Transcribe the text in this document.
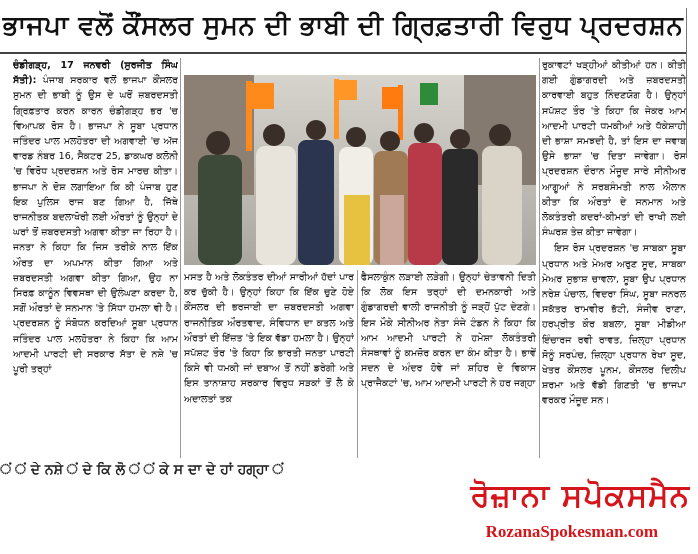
ਭਾਜਪਾ ਵਲੋਂ ਕੌਂਸਲਰ ਸੁਮਨ ਦੀ ਭਾਬੀ ਦੀ ਗ੍ਰਿਫ਼ਤਾਰੀ ਵਿਰੁਧ ਪ੍ਰਦਰਸ਼ਨ

ਚੰਡੀਗੜ੍ਹ, 17 ਜਨਵਰੀ (ਸੁਰਜੀਤ ਸਿੰਘ ਸੱਤੀ): ਪੰਜਾਬ ਸਰਕਾਰ ਵਲੋਂ ਭਾਜਪਾ ਕੌਂਸਲਰ ਸੁਮਨ ਦੀ ਭਾਬੀ ਨੂੰ ਉਸ ਦੇ ਘਰੋਂ ਜ਼ਬਰਦਸਤੀ ਗ੍ਰਿਫ਼ਤਾਰ ਕਰਨ ਕਾਰਨ ਚੰਡੀਗੜ੍ਹ ਭਰ 'ਚ ਵਿਆਪਕ ਰੋਸ ਹੈ। ਭਾਜਪਾ ਨੇ ਸੂਬਾ ਪ੍ਰਧਾਨ ਜਤਿੰਦਰ ਪਾਲ ਮਲਹੋਤਰਾ ਦੀ ਅਗਵਾਈ 'ਚ ਅੱਜ ਵਾਰਡ ਨੰਬਰ 16, ਸੈਕਟਰ 25, ਡਾਕਘਰ ਕਲੋਨੀ 'ਚ ਵਿਰੋਧ ਪ੍ਰਦਰਸ਼ਨ ਅਤੇ ਰੋਸ ਮਾਰਚ ਕੀਤਾ। ਭਾਜਪਾ ਨੇ ਦੋਸ਼ ਲਗਾਇਆ ਕਿ ਕੀ ਪੰਜਾਬ ਹੁਣ ਇਕ ਪੁਲਿਸ ਰਾਜ ਬਣ ਗਿਆ ਹੈ, ਜਿੱਥੇ ਰਾਜਨੀਤਕ ਬਦਲਾਖੋਰੀ ਲਈ ਔਰਤਾਂ ਨੂੰ ਉਨ੍ਹਾਂ ਦੇ ਘਰਾਂ ਤੋਂ ਜ਼ਬਰਦਸਤੀ ਅਗਵਾ ਕੀਤਾ ਜਾ ਰਿਹਾ ਹੈ। ਜਨਤਾ ਨੇ ਕਿਹਾ ਕਿ ਜਿਸ ਤਰੀਕੇ ਨਾਲ ਇੱਕ ਔਰਤ ਦਾ ਅਪਮਾਨ ਕੀਤਾ ਗਿਆ ਅਤੇ ਜ਼ਬਰਦਸਤੀ ਅਗਵਾ ਕੀਤਾ ਗਿਆ, ਉਹ ਨਾ ਸਿਰਫ਼ ਕਾਨੂੰਨ ਵਿਵਸਥਾ ਦੀ ਉਲੰਘਣਾ ਕਰਦਾ ਹੈ, ਸਗੋਂ ਔਰਤਾਂ ਦੇ ਸਨਮਾਨ 'ਤੇ ਸਿੱਧਾ ਹਮਲਾ ਵੀ ਹੈ। ਪ੍ਰਦਰਸ਼ਨ ਨੂੰ ਸੰਬੋਧਨ ਕਰਦਿਆਂ ਸੂਬਾ ਪ੍ਰਧਾਨ ਜਤਿੰਦਰ ਪਾਲ ਮਲਹੋਤਰਾ ਨੇ ਕਿਹਾ ਕਿ ਆਮ ਆਦਮੀ ਪਾਰਟੀ ਦੀ ਸਰਕਾਰ ਸੱਤਾ ਦੇ ਨਸ਼ੇ 'ਚ ਪੂਰੀ ਤਰ੍ਹਾਂ

ਮਸਤ ਹੈ ਅਤੇ ਲੋਕਤੰਤਰ ਦੀਆਂ ਸਾਰੀਆਂ ਹੱਦਾਂ ਪਾਰ ਕਰ ਚੁੱਕੀ ਹੈ। ਉਨ੍ਹਾਂ ਕਿਹਾ ਕਿ ਇੱਕ ਚੁਣੇ ਹੋਏ ਕੌਂਸਲਰ ਦੀ ਭਰਜਾਈ ਦਾ ਜ਼ਬਰਦਸਤੀ ਅਗਵਾ ਰਾਜਨੀਤਿਕ ਔਰਤਵਾਦ, ਸੰਵਿਧਾਨ ਦਾ ਕਤਲ ਅਤੇ ਔਰਤਾਂ ਦੀ ਇੱਜ਼ਤ 'ਤੇ ਇਕ ਵੱਡਾ ਹਮਲਾ ਹੈ। ਉਨ੍ਹਾਂ ਸਪੱਸ਼ਟ ਤੌਰ 'ਤੇ ਕਿਹਾ ਕਿ ਭਾਰਤੀ ਜਨਤਾ ਪਾਰਟੀ ਕਿਸੇ ਵੀ ਧਮਕੀ ਜਾਂ ਦਬਾਅ ਤੋਂ ਨਹੀਂ ਡਰੇਗੀ ਅਤੇ ਇਸ ਤਾਨਾਸ਼ਾਹ ਸਰਕਾਰ ਵਿਰੁਧ ਸੜਕਾਂ ਤੋਂ ਲੈ ਕੇ ਅਦਾਲਤਾਂ ਤਕ

ਫੈਸਲਾਕੁੰਨ ਲੜਾਈ ਲੜੇਗੀ। ਉਨ੍ਹਾਂ ਚੇਤਾਵਨੀ ਦਿਤੀ ਕਿ ਲੋਕ ਇਸ ਤਰ੍ਹਾਂ ਦੀ ਦਮਨਕਾਰੀ ਅਤੇ ਗੁੰਡਾਗਰਦੀ ਵਾਲੀ ਰਾਜਨੀਤੀ ਨੂੰ ਜੜ੍ਹੋਂ ਪੁੱਟ ਦੇਣਗੇ। ਇਸ ਮੌਕੇ ਸੀਨੀਅਰ ਨੇਤਾ ਸੰਜੇ ਟੰਡਨ ਨੇ ਕਿਹਾ ਕਿ ਆਮ ਆਦਮੀ ਪਾਰਟੀ ਨੇ ਹਮੇਸ਼ਾ ਲੋਕਤੰਤਰੀ ਸੰਸਥਾਵਾਂ ਨੂੰ ਕਮਜ਼ੋਰ ਕਰਨ ਦਾ ਕੰਮ ਕੀਤਾ ਹੈ। ਭਾਵੇਂ ਸਦਨ ਦੇ ਅੰਦਰ ਹੋਵੇ ਜਾਂ ਸ਼ਹਿਰ ਦੇ ਵਿਕਾਸ ਪ੍ਰਾਜੈਕਟਾਂ 'ਚ, ਆਮ ਆਦਮੀ ਪਾਰਟੀ ਨੇ ਹਰ ਜਗ੍ਹਾ

ਰੁਕਾਵਟਾਂ ਖੜ੍ਹੀਆਂ ਕੀਤੀਆਂ ਹਨ। ਕੀਤੀ ਗਈ ਗੁੰਡਾਗਰਦੀ ਅਤੇ ਜ਼ਬਰਦਸਤੀ ਕਾਰਵਾਈ ਬਹੁਤ ਨਿੰਦਣਯੋਗ ਹੈ। ਉਨ੍ਹਾਂ ਸਪੱਸ਼ਟ ਤੌਰ 'ਤੇ ਕਿਹਾ ਕਿ ਜੇਕਰ ਆਮ ਆਦਮੀ ਪਾਰਟੀ ਧਮਕੀਆਂ ਅਤੇ ਧੱਕੇਸ਼ਾਹੀ ਦੀ ਭਾਸ਼ਾ ਸਮਝਦੀ ਹੈ, ਤਾਂ ਇਸ ਦਾ ਜਵਾਬ ਉਸੇ ਭਾਸ਼ਾ 'ਚ ਦਿਤਾ ਜਾਵੇਗਾ। ਰੋਸ ਪ੍ਰਦਰਸ਼ਨ ਦੌਰਾਨ ਮੌਜੂਦ ਸਾਰੇ ਸੀਨੀਅਰ ਆਗੂਆਂ ਨੇ ਸਰਬਸੰਮਤੀ ਨਾਲ ਐਲਾਨ ਕੀਤਾ ਕਿ ਔਰਤਾਂ ਦੇ ਸਨਮਾਨ ਅਤੇ ਲੋਕਤੰਤਰੀ ਕਦਰਾਂ-ਕੀਮਤਾਂ ਦੀ ਰਾਖੀ ਲਈ ਸੰਘਰਸ਼ ਤੇਜ਼ ਕੀਤਾ ਜਾਵੇਗਾ।

ਇਸ ਰੋਸ ਪ੍ਰਦਰਸ਼ਨ 'ਚ ਸਾਬਕਾ ਸੂਬਾ ਪ੍ਰਧਾਨ ਅਤੇ ਮੇਅਰ ਅਰੁਣ ਸੂਦ, ਸਾਬਕਾ ਮੇਅਰ ਸੁਭਾਸ਼ ਚਾਵਲਾ, ਸੂਬਾ ਉਪ ਪ੍ਰਧਾਨ ਨਰੇਸ਼ ਪੰਚਾਲ, ਵਿਦਰਾ ਸਿੰਘ, ਸੂਬਾ ਜਨਰਲ ਸਕੱਤਰ ਰਾਮਵੀਰ ਭੱਟੀ, ਸੰਜੀਵ ਰਾਣਾ, ਹਰਪ੍ਰੀਤ ਕੌਰ ਬਬਲਾ, ਸੂਬਾ ਮੀਡੀਆ ਇੰਚਾਰਜ ਰਵੀ ਰਾਵਤ, ਜ਼ਿਲ੍ਹਾ ਪ੍ਰਧਾਨ ਸੋਨੂੰ ਸਰਪੰਚ, ਜ਼ਿਲ੍ਹਾ ਪ੍ਰਧਾਨ ਰੇਖਾ ਸੂਦ, ਖੇਤਰ ਕੌਂਸਲਰ ਪੂਨਮ, ਕੌਂਸਲਰ ਦਿਲੀਪ ਸ਼ਰਮਾ ਅਤੇ ਵੱਡੀ ਗਿਣਤੀ 'ਚ ਭਾਜਪਾ ਵਰਕਰ ਮੌਜੂਦ ਸਨ।

ਂ ਂ ਦੇ ਨਸ਼ੇ ਂ ਦੇ ਕਿ ਲੋ ਂ ਂ ਕੇ ਸ ਦਾ ਦੇ ਹਾਂ ਹਗ੍ਹਾ ਂ
ਰੋਜ਼ਾਨਾ ਸਪੋਕਸਮੈਨ
RozanaSpokesman.com
